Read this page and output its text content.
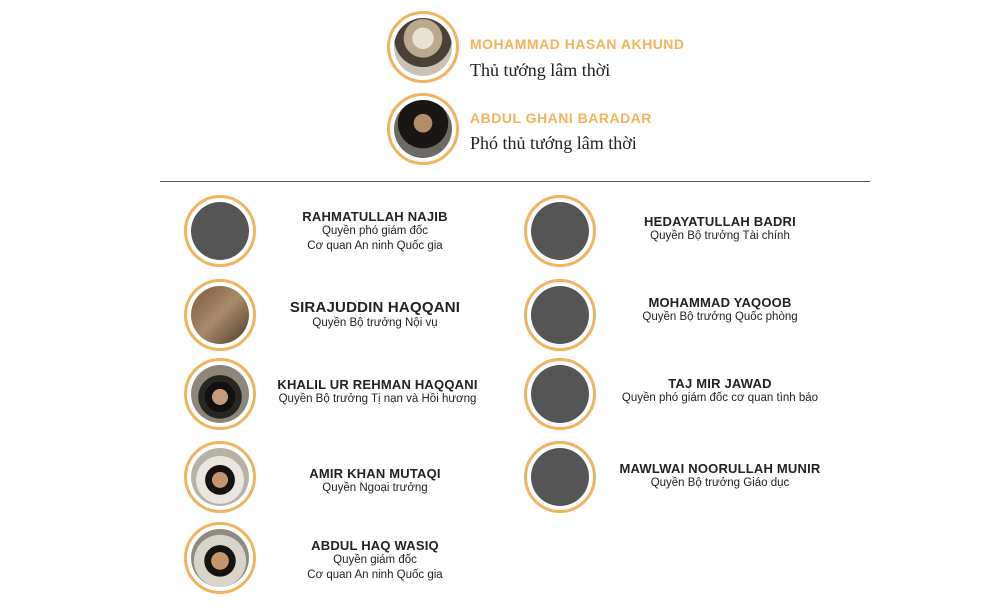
MOHAMMAD HASAN AKHUND
Thủ tướng lâm thời
ABDUL GHANI BARADAR
Phó thủ tướng lâm thời
RAHMATULLAH NAJIB
Quyền phó giám đốc
Cơ quan An ninh Quốc gia
SIRAJUDDIN HAQQANI
Quyền Bộ trưởng Nội vụ
KHALIL UR REHMAN HAQQANI
Quyền Bộ trưởng Tị nạn và Hồi hương
AMIR KHAN MUTAQI
Quyền Ngoại trưởng
ABDUL HAQ WASIQ
Quyền giám đốc
Cơ quan An ninh Quốc gia
HEDAYATULLAH BADRI
Quyền Bộ trưởng Tài chính
MOHAMMAD YAQOOB
Quyền Bộ trưởng Quốc phòng
TAJ MIR JAWAD
Quyền phó giám đốc cơ quan tình báo
MAWLWAI NOORULLAH MUNIR
Quyền Bộ trưởng Giáo dục
